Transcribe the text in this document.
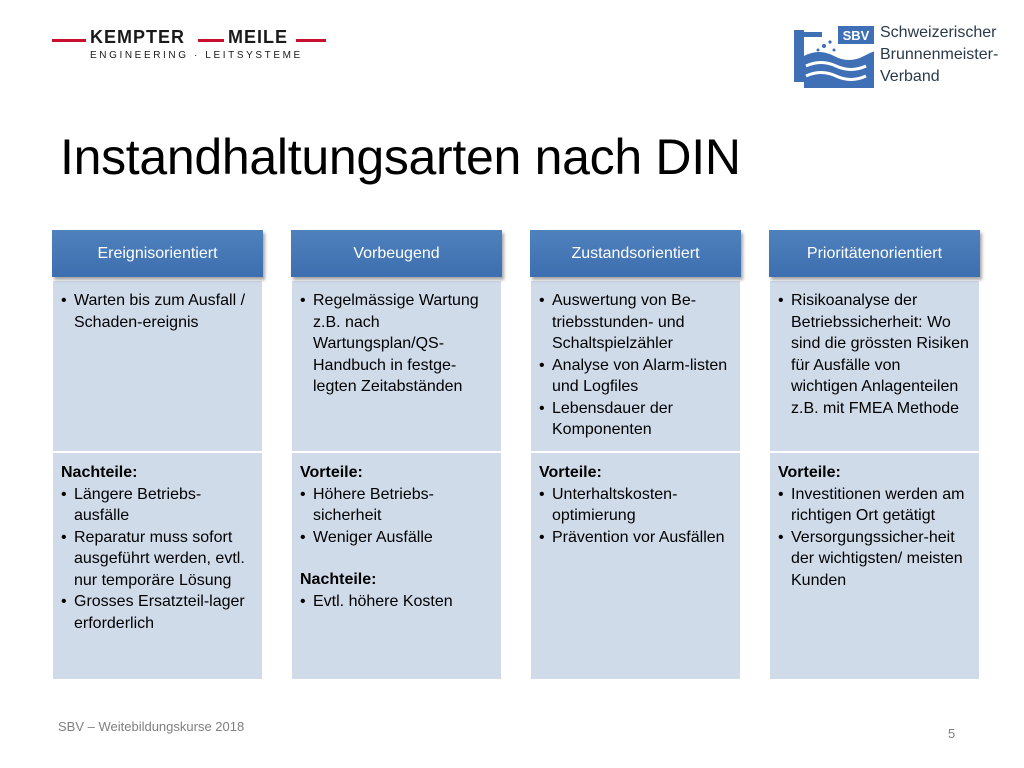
KEMPTER MEILE
ENGINEERING · LEITSYSTEME
SBV Schweizerischer
Brunnenmeister-
Verband
Instandhaltungsarten nach DIN
Ereignisorientiert
• Warten bis zum Ausfall / Schaden-ereignis
Nachteile:
• Längere Betriebs-ausfälle
• Reparatur muss sofort ausgeführt werden, evtl. nur temporäre Lösung
• Grosses Ersatzteil-lager erforderlich
Vorbeugend
• Regelmässige Wartung z.B. nach Wartungsplan/QS-Handbuch in festge-legten Zeitabständen
Vorteile:
• Höhere Betriebs-sicherheit
• Weniger Ausfälle
Nachteile:
• Evtl. höhere Kosten
Zustandsorientiert
• Auswertung von Be-triebsstunden- und Schaltspielzähler
• Analyse von Alarm-listen und Logfiles
• Lebensdauer der Komponenten
Vorteile:
• Unterhaltskosten-optimierung
• Prävention vor Ausfällen
Prioritätenorientiert
• Risikoanalyse der Betriebssicherheit: Wo sind die grössten Risiken für Ausfälle von wichtigen Anlagenteilen z.B. mit FMEA Methode
Vorteile:
• Investitionen werden am richtigen Ort getätigt
• Versorgungssicher-heit der wichtigsten/ meisten Kunden
SBV – Weitebildungskurse 2018	5
